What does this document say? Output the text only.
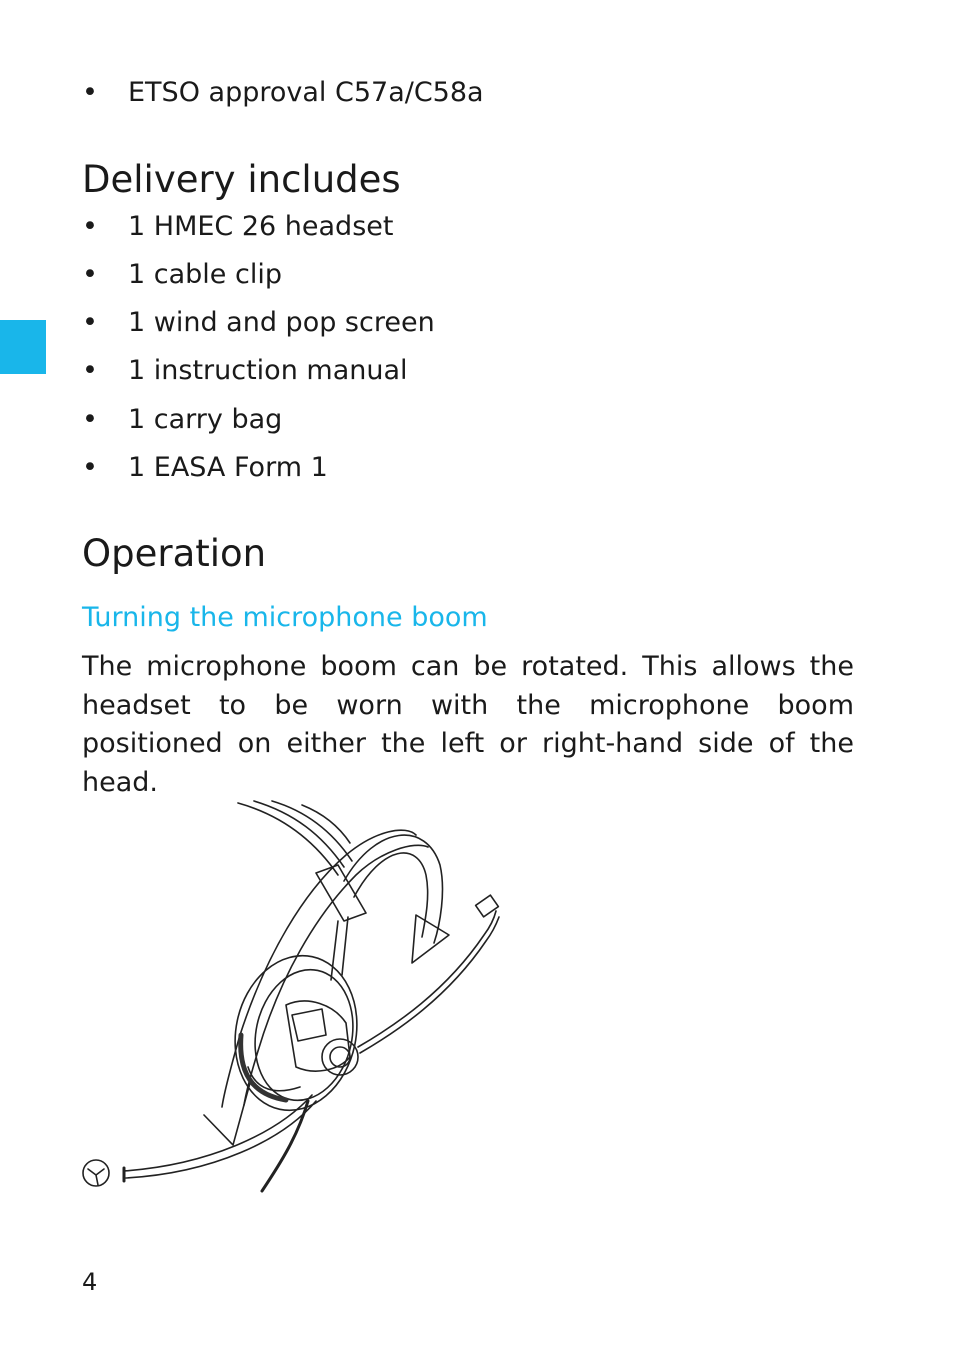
• ETSO approval C57a/C58a
Delivery includes
• 1 HMEC 26 headset
• 1 cable clip
• 1 wind and pop screen
• 1 instruction manual
• 1 carry bag
• 1 EASA Form 1
Operation
Turning the microphone boom

The microphone boom can be rotated. This allows the headset to be worn with the microphone boom positioned on either the left or right-hand side of the head.

4
